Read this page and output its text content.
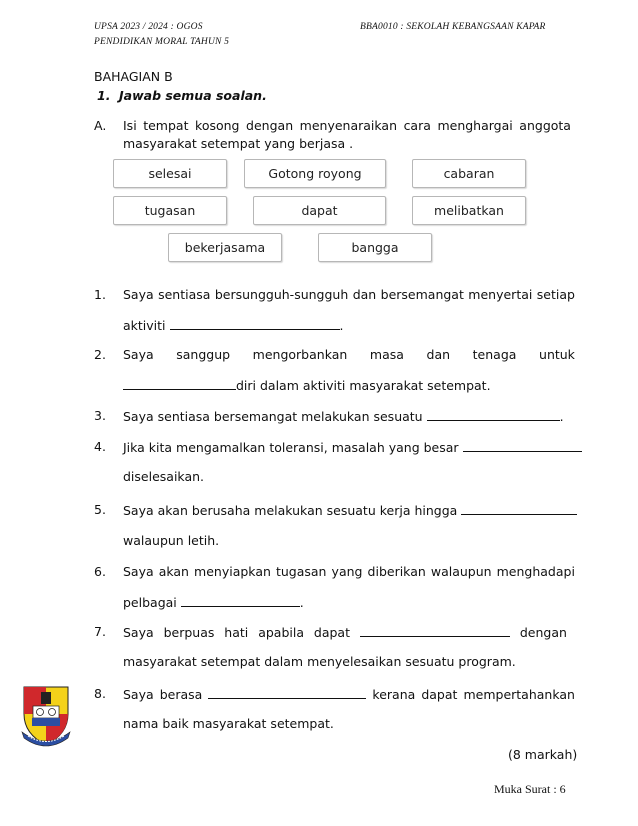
UPSA 2023 / 2024 : OGOS
PENDIDIKAN MORAL TAHUN 5
BBA0010 : SEKOLAH KEBANGSAAN KAPAR
BAHAGIAN B
1. Jawab semua soalan.
A. Isi tempat kosong dengan menyenaraikan cara menghargai anggota
masyarakat setempat yang berjasa .
selesai	Gotong royong	cabaran
tugasan	dapat	melibatkan
bekerjasama	bangga
1. Saya sentiasa bersungguh-sungguh dan bersemangat menyertai setiap
aktiviti	.
2. Saya sanggup mengorbankan masa dan tenaga untuk
diri dalam aktiviti masyarakat setempat.
3. Saya sentiasa bersemangat melakukan sesuatu	.
4. Jika kita mengamalkan toleransi, masalah yang besar
diselesaikan.
5. Saya akan berusaha melakukan sesuatu kerja hingga
walaupun letih.
6. Saya akan menyiapkan tugasan yang diberikan walaupun menghadapi
pelbagai	.
7. Saya berpuas hati apabila dapat	dengan
masyarakat setempat dalam menyelesaikan sesuatu program.
8. Saya berasa	kerana dapat mempertahankan
nama baik masyarakat setempat.
(8 markah)
Muka Surat : 6
